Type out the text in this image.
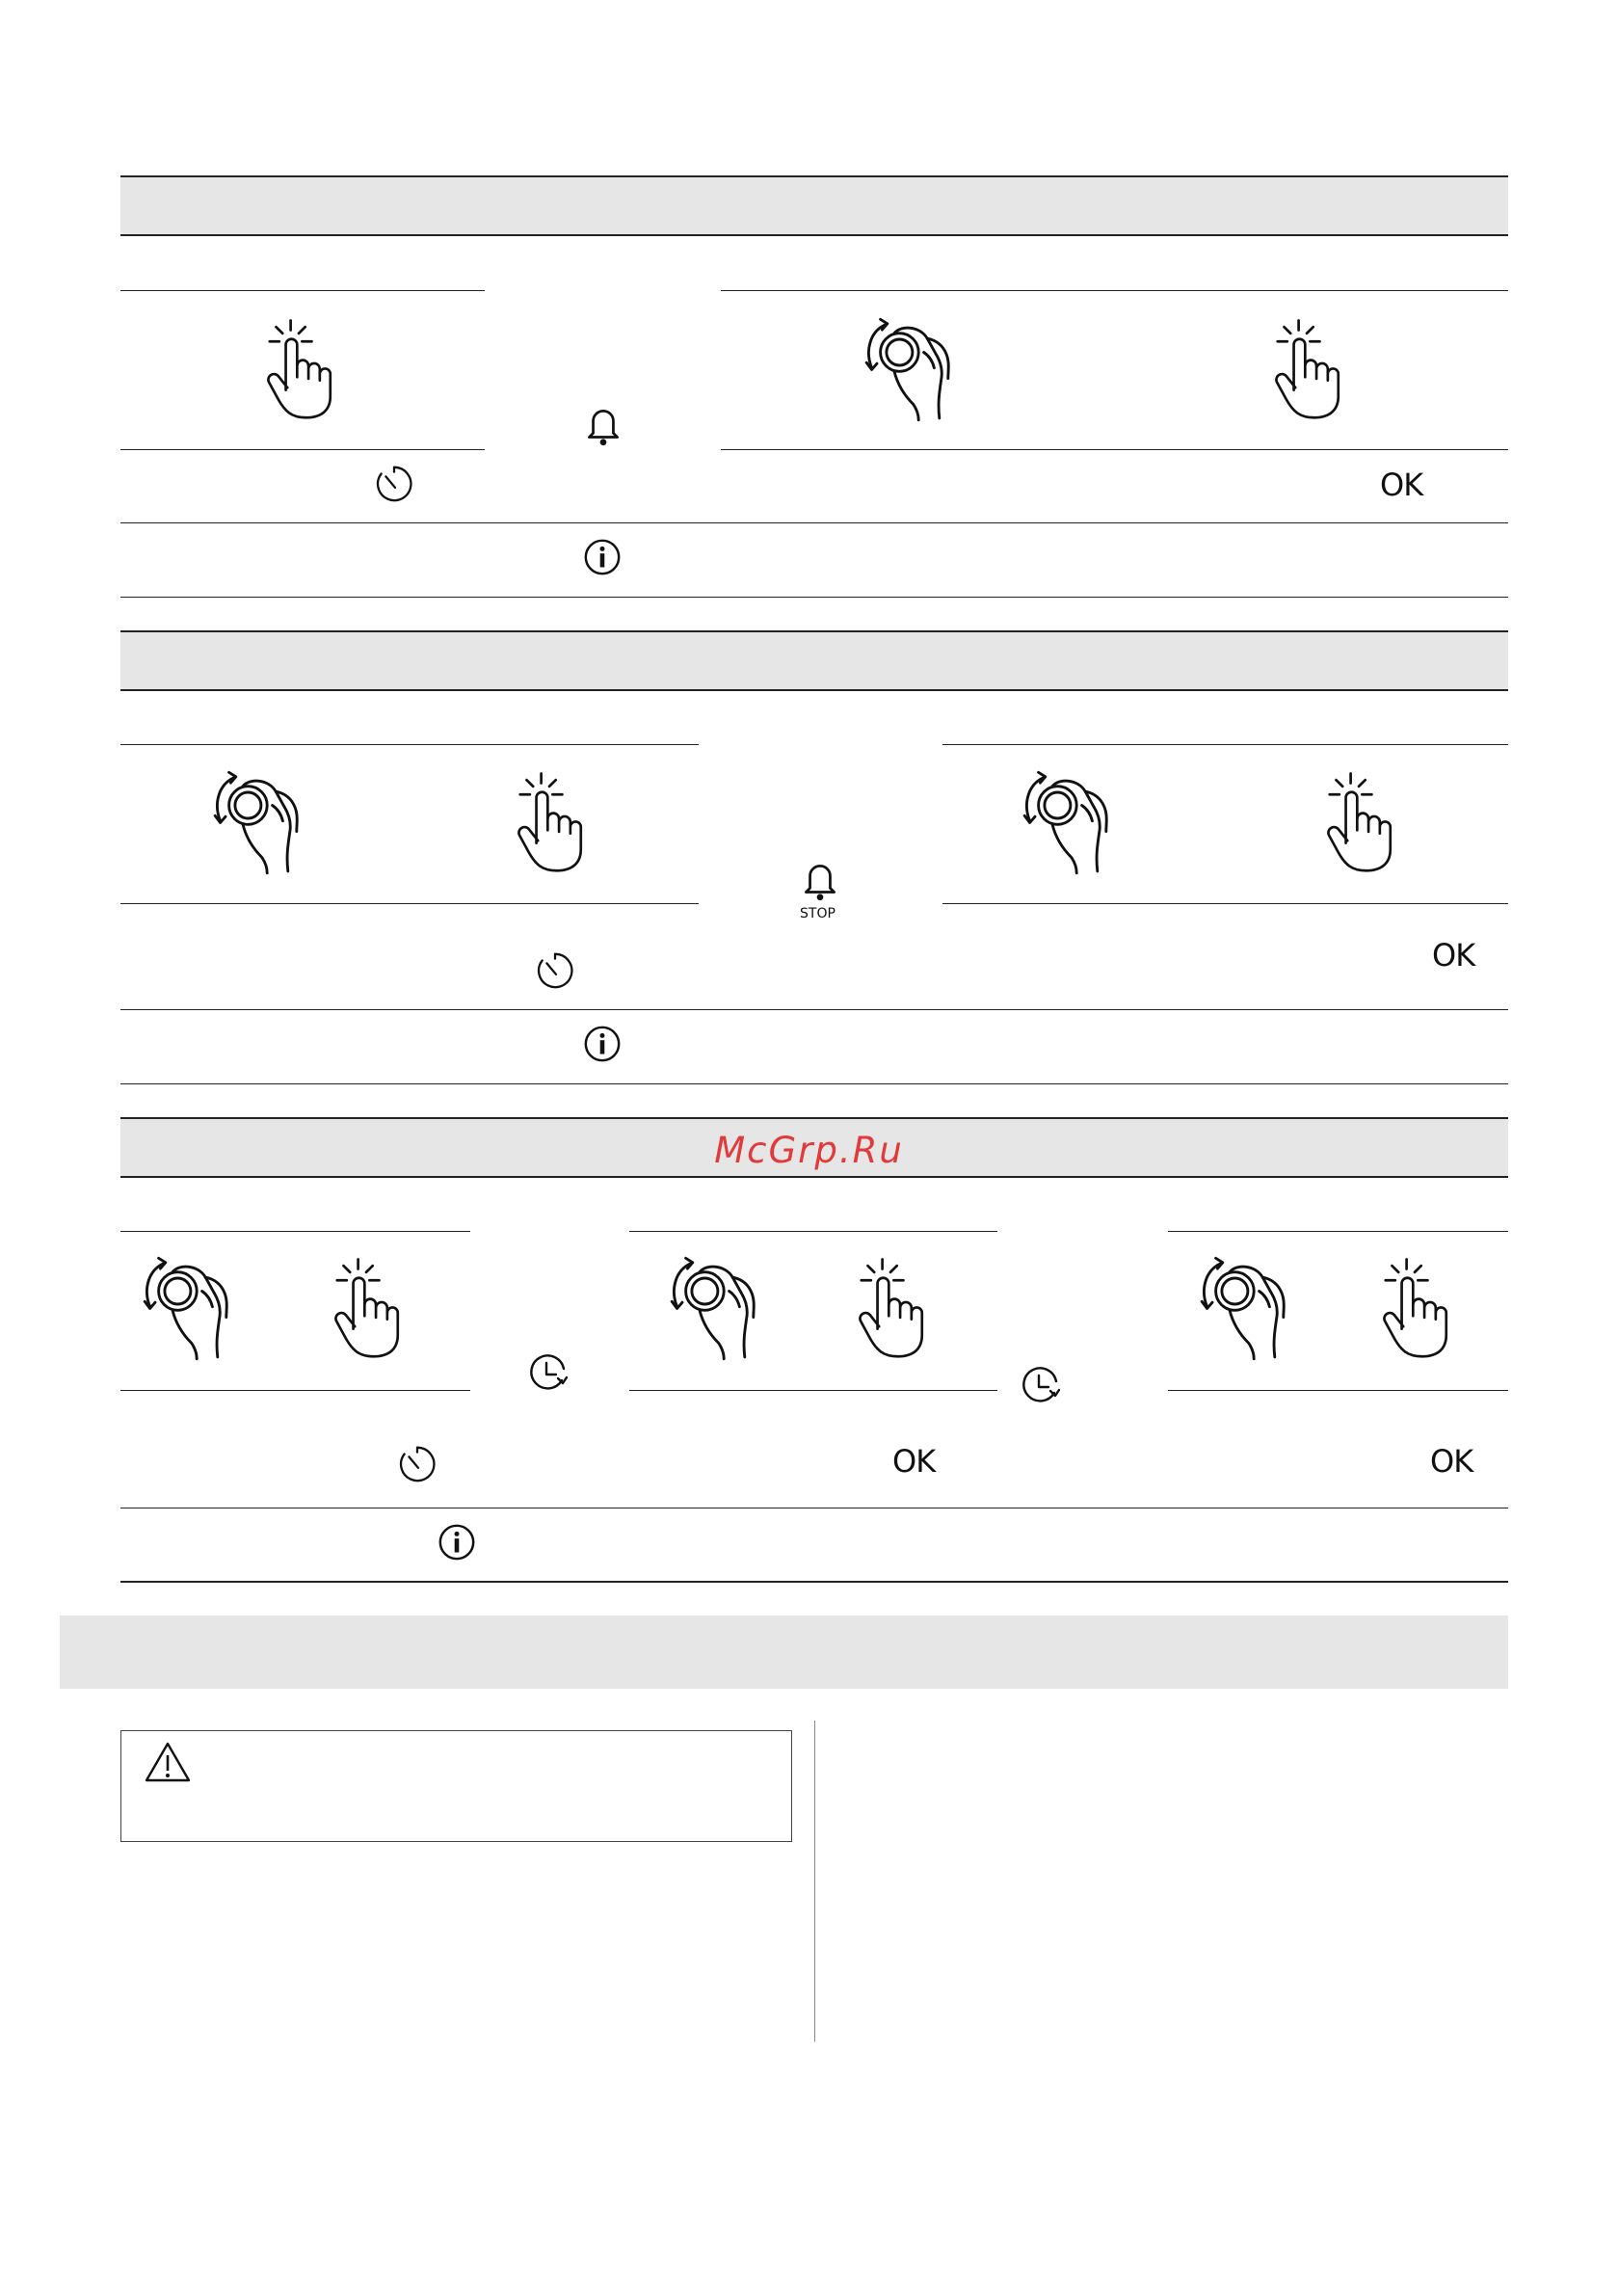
OK
STOP
OK
McGrp.Ru
OK	OK
